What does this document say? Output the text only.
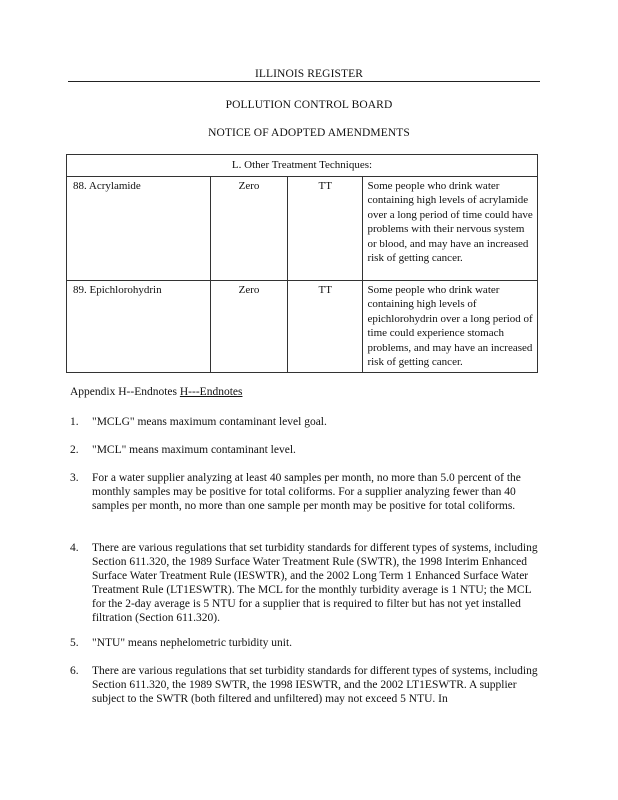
ILLINOIS REGISTER
POLLUTION CONTROL BOARD
NOTICE OF ADOPTED AMENDMENTS
L. Other Treatment Techniques:			
88. Acrylamide	Zero	TT	Some people who drink water containing high levels of acrylamide over a long period of time could have problems with their nervous system or blood, and may have an increased risk of getting cancer.
89. Epichlorohydrin	Zero	TT	Some people who drink water containing high levels of epichlorohydrin over a long period of time could experience stomach problems, and may have an increased risk of getting cancer.
Appendix H--Endnotes H---Endnotes
1. "MCLG" means maximum contaminant level goal.
2. "MCL" means maximum contaminant level.
3. For a water supplier analyzing at least 40 samples per month, no more than 5.0 percent of the monthly samples may be positive for total coliforms. For a supplier analyzing fewer than 40 samples per month, no more than one sample per month may be positive for total coliforms.
4. There are various regulations that set turbidity standards for different types of systems, including Section 611.320, the 1989 Surface Water Treatment Rule (SWTR), the 1998 Interim Enhanced Surface Water Treatment Rule (IESWTR), and the 2002 Long Term 1 Enhanced Surface Water Treatment Rule (LT1ESWTR). The MCL for the monthly turbidity average is 1 NTU; the MCL for the 2-day average is 5 NTU for a supplier that is required to filter but has not yet installed filtration (Section 611.320).
5. "NTU" means nephelometric turbidity unit.
6. There are various regulations that set turbidity standards for different types of systems, including Section 611.320, the 1989 SWTR, the 1998 IESWTR, and the 2002 LT1ESWTR. A supplier subject to the SWTR (both filtered and unfiltered) may not exceed 5 NTU. In
